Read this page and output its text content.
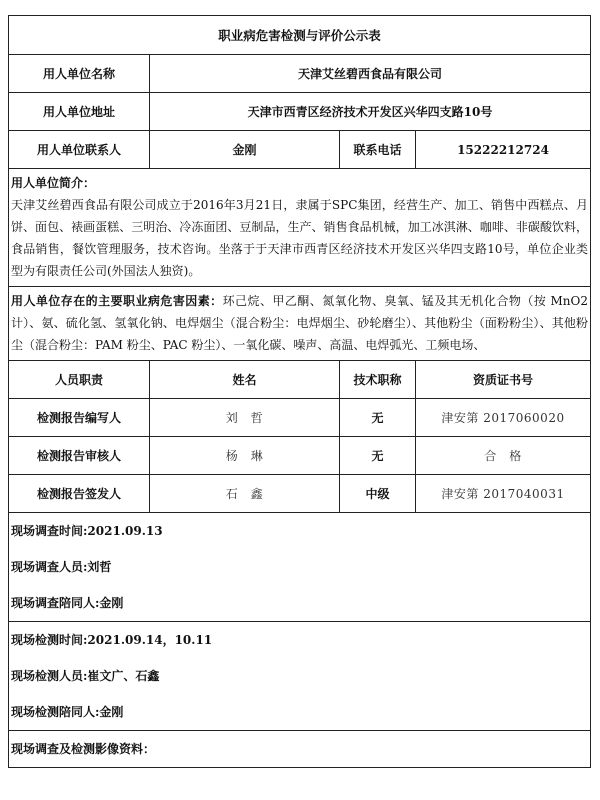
职业病危害检测与评价公示表			
用人单位名称	天津艾丝碧西食品有限公司		
用人单位地址	天津市西青区经济技术开发区兴华四支路10号		
用人单位联系人	金刚	联系电话	15222212724

用人单位简介：
天津艾丝碧西食品有限公司成立于2016年3月21日，隶属于SPC集团，经营生产、加工、销售中西糕点、月饼、面包、裱画蛋糕、三明治、冷冻面团、豆制品，生产、销售食品机械，加工冰淇淋、咖啡、非碳酸饮料，食品销售，餐饮管理服务，技术咨询。坐落于于天津市西青区经济技术开发区兴华四支路10号，单位企业类型为有限责任公司(外国法人独资)。			

用人单位存在的主要职业病危害因素：环己烷、甲乙酮、氮氧化物、臭氧、锰及其无机化合物（按 MnO2 计）、氨、硫化氢、氢氧化钠、电焊烟尘（混合粉尘：电焊烟尘、砂轮磨尘）、其他粉尘（面粉粉尘）、其他粉尘（混合粉尘：PAM 粉尘、PAC 粉尘）、一氧化碳、噪声、高温、电焊弧光、工频电场、			
人员职责	姓名	技术职称	资质证书号
检测报告编写人	刘　哲	无	津安第 2017060020
检测报告审核人	杨　琳	无	合　格
检测报告签发人	石　鑫	中级	津安第 2017040031

现场调查时间:2021.09.13
现场调查人员:刘哲
现场调查陪同人:金刚			

现场检测时间:2021.09.14，10.11
现场检测人员:崔文广、石鑫
现场检测陪同人:金刚			

现场调查及检测影像资料：			
